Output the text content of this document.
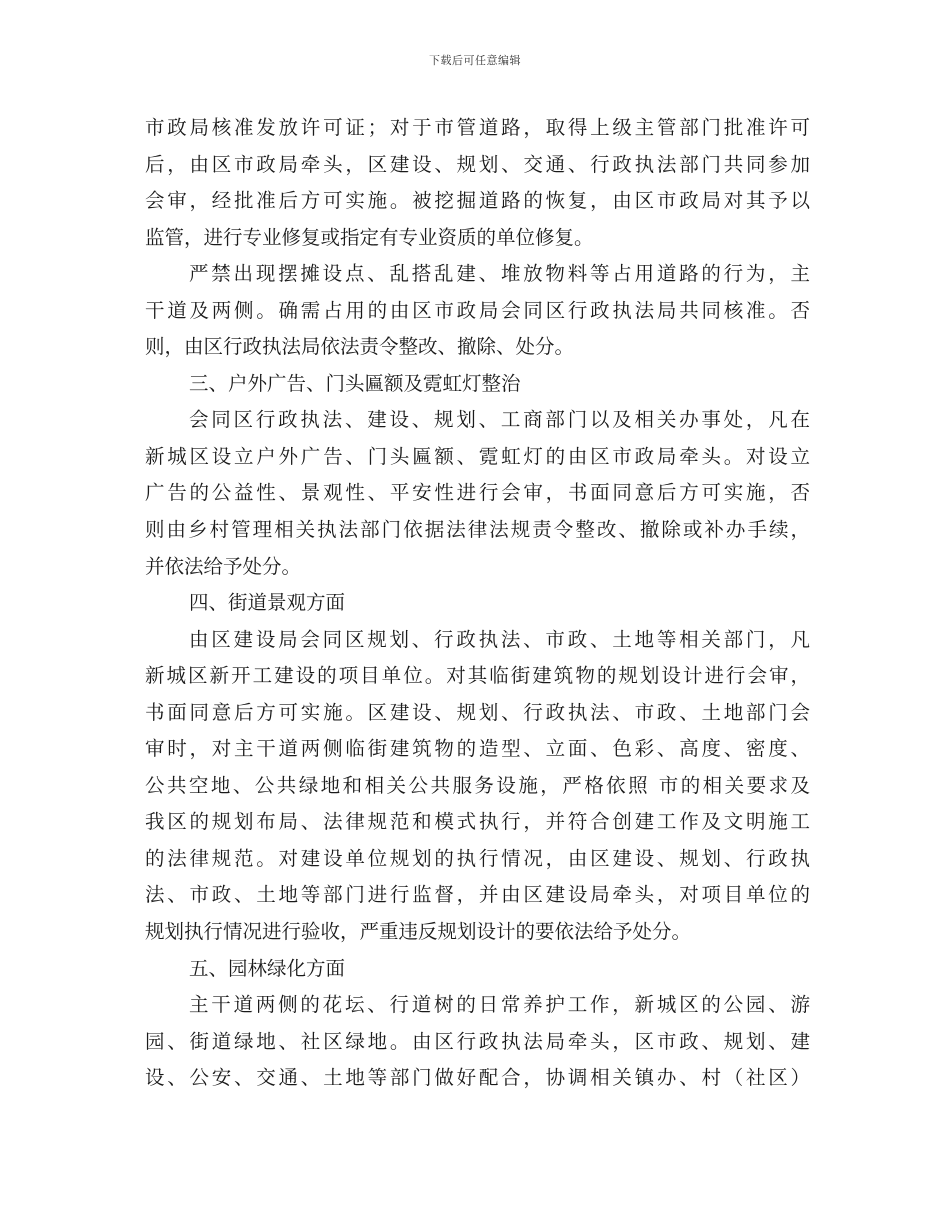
下载后可任意编辑
市政局核准发放许可证；对于市管道路，取得上级主管部门批准许可
后，由区市政局牵头，区建设、规划、交通、行政执法部门共同参加
会审，经批准后方可实施。被挖掘道路的恢复，由区市政局对其予以
监管，进行专业修复或指定有专业资质的单位修复。
严禁出现摆摊设点、乱搭乱建、堆放物料等占用道路的行为，主
干道及两侧。确需占用的由区市政局会同区行政执法局共同核准。否
则，由区行政执法局依法责令整改、撤除、处分。
三、户外广告、门头匾额及霓虹灯整治
会同区行政执法、建设、规划、工商部门以及相关办事处，凡在
新城区设立户外广告、门头匾额、霓虹灯的由区市政局牵头。对设立
广告的公益性、景观性、平安性进行会审，书面同意后方可实施，否
则由乡村管理相关执法部门依据法律法规责令整改、撤除或补办手续，
并依法给予处分。
四、街道景观方面
由区建设局会同区规划、行政执法、市政、土地等相关部门，凡
新城区新开工建设的项目单位。对其临街建筑物的规划设计进行会审，
书面同意后方可实施。区建设、规划、行政执法、市政、土地部门会
审时，对主干道两侧临街建筑物的造型、立面、色彩、高度、密度、
公共空地、公共绿地和相关公共服务设施，严格依照 市的相关要求及
我区的规划布局、法律规范和模式执行，并符合创建工作及文明施工
的法律规范。对建设单位规划的执行情况，由区建设、规划、行政执
法、市政、土地等部门进行监督，并由区建设局牵头，对项目单位的
规划执行情况进行验收，严重违反规划设计的要依法给予处分。
五、园林绿化方面
主干道两侧的花坛、行道树的日常养护工作，新城区的公园、游
园、街道绿地、社区绿地。由区行政执法局牵头，区市政、规划、建
设、公安、交通、土地等部门做好配合，协调相关镇办、村（社区）
